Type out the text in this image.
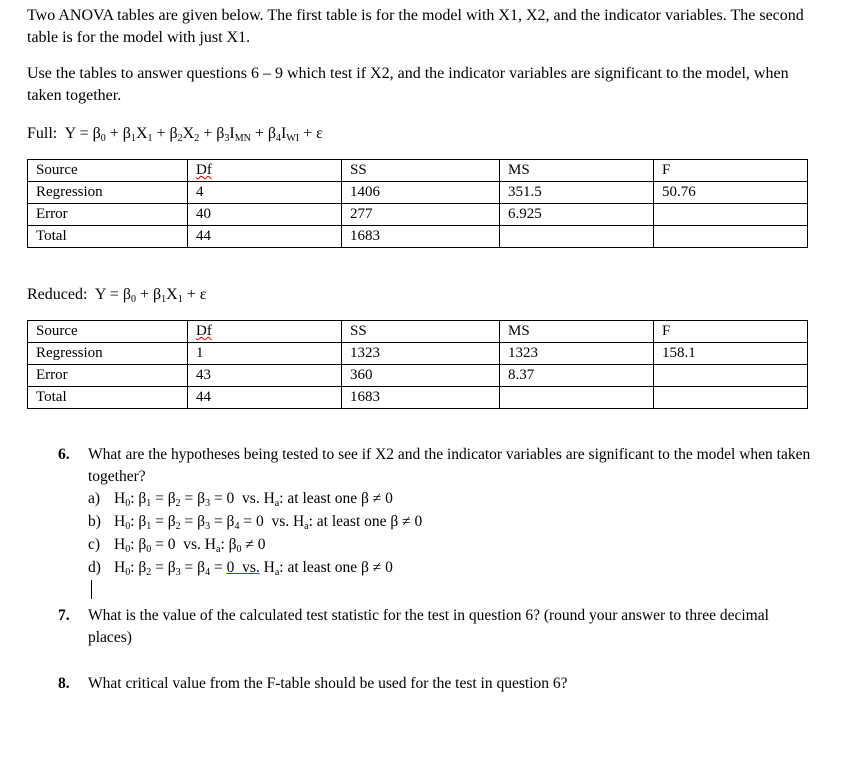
Two ANOVA tables are given below. The first table is for the model with X1, X2, and the indicator variables. The second table is for the model with just X1.
Use the tables to answer questions 6 – 9 which test if X2, and the indicator variables are significant to the model, when taken together.
Full:  $Y = \beta_0 + \beta_1X_1 + \beta_2X_2 + \beta_3I_{MN} + \beta_4I_{WI} + \varepsilon$
Source	Df	SS	MS	F
Regression	4	1406	351.5	50.76
Error	40	277	6.925	
Total	44	1683		
Reduced:  $Y = \beta_0 + \beta_1X_1 + \varepsilon$
Source	Df	SS	MS	F
Regression	1	1323	1323	158.1
Error	43	360	8.37	
Total	44	1683		
6. What are the hypotheses being tested to see if X2 and the indicator variables are significant to the model when taken together?
a) $H_0$: $\beta_1 = \beta_2 = \beta_3 = 0$  vs. $H_a$: at least one β ≠ 0
b) $H_0$: $\beta_1 = \beta_2 = \beta_3 = \beta_4 = 0$  vs. $H_a$: at least one β ≠ 0
c) $H_0$: $\beta_0 = 0$  vs. $H_a$: $\beta_0 \ne 0$
d) $H_0$: $\beta_2 = \beta_3 = \beta_4 = 0$  vs. $H_a$: at least one β ≠ 0
7. What is the value of the calculated test statistic for the test in question 6? (round your answer to three decimal places)
8. What critical value from the F-table should be used for the test in question 6?
